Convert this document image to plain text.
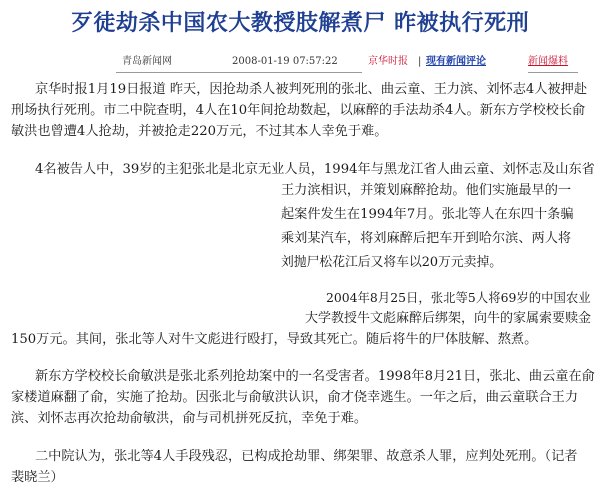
歹徒劫杀中国农大教授肢解煮尸 昨被执行死刑
青岛新闻网	2008-01-19 07:57:22	京华时报 | 现有新闻评论	新闻爆料
京华时报1月19日报道 昨天，因抢劫杀人被判死刑的张北、曲云童、王力滨、刘怀志4人被押赴
刑场执行死刑。市二中院查明，4人在10年间抢劫数起，以麻醉的手法劫杀4人。新东方学校校长俞
敏洪也曾遭4人抢劫，并被抢走220万元，不过其本人幸免于难。
4名被告人中，39岁的主犯张北是北京无业人员，1994年与黑龙江省人曲云童、刘怀志及山东省
王力滨相识，并策划麻醉抢劫。他们实施最早的一
起案件发生在1994年7月。张北等人在东四十条骗
乘刘某汽车，将刘麻醉后把车开到哈尔滨、两人将
刘抛尸松花江后又将车以20万元卖掉。
2004年8月25日，张北等5人将69岁的中国农业
大学教授牛文彪麻醉后绑架，向牛的家属索要赎金
150万元。其间，张北等人对牛文彪进行殴打，导致其死亡。随后将牛的尸体肢解、熬煮。
新东方学校校长俞敏洪是张北系列抢劫案中的一名受害者。1998年8月21日，张北、曲云童在俞
家楼道麻翻了俞，实施了抢劫。因张北与俞敏洪认识，俞才侥幸逃生。一年之后，曲云童联合王力
滨、刘怀志再次抢劫俞敏洪，俞与司机拼死反抗，幸免于难。
二中院认为，张北等4人手段残忍，已构成抢劫罪、绑架罪、故意杀人罪，应判处死刑。（记者
裴晓兰）
